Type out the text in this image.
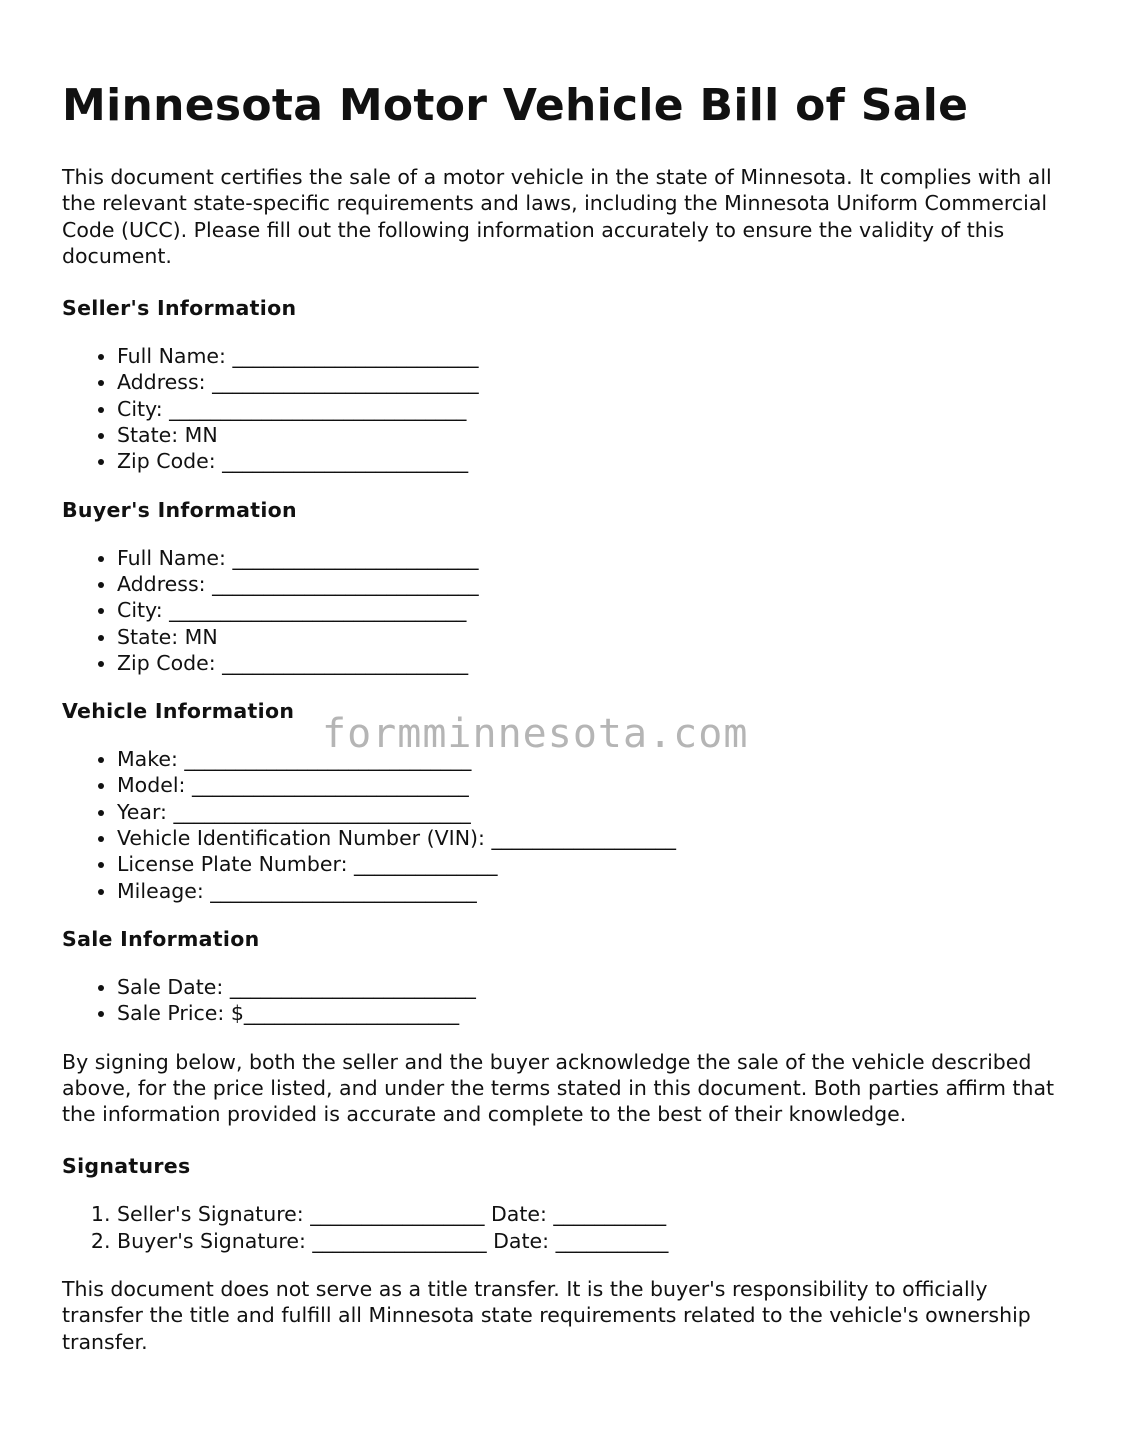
Minnesota Motor Vehicle Bill of Sale

This document certifies the sale of a motor vehicle in the state of Minnesota. It complies with all the relevant state-specific requirements and laws, including the Minnesota Uniform Commercial Code (UCC). Please fill out the following information accurately to ensure the validity of this document.

Seller's Information
• Full Name: ________________________
• Address: __________________________
• City: _____________________________
• State: MN
• Zip Code: ________________________
Buyer's Information
• Full Name: ________________________
• Address: __________________________
• City: _____________________________
• State: MN
• Zip Code: ________________________
Vehicle Information
• Make: ____________________________
• Model: ___________________________
• Year: _____________________________
• Vehicle Identification Number (VIN): __________________
• License Plate Number: ______________
• Mileage: __________________________
Sale Information
• Sale Date: ________________________
• Sale Price: $_____________________

By signing below, both the seller and the buyer acknowledge the sale of the vehicle described above, for the price listed, and under the terms stated in this document. Both parties affirm that the information provided is accurate and complete to the best of their knowledge.

Signatures
1. Seller's Signature: _________________ Date: ___________
2. Buyer's Signature: _________________ Date: ___________

This document does not serve as a title transfer. It is the buyer's responsibility to officially transfer the title and fulfill all Minnesota state requirements related to the vehicle's ownership transfer.

formminnesota.com
